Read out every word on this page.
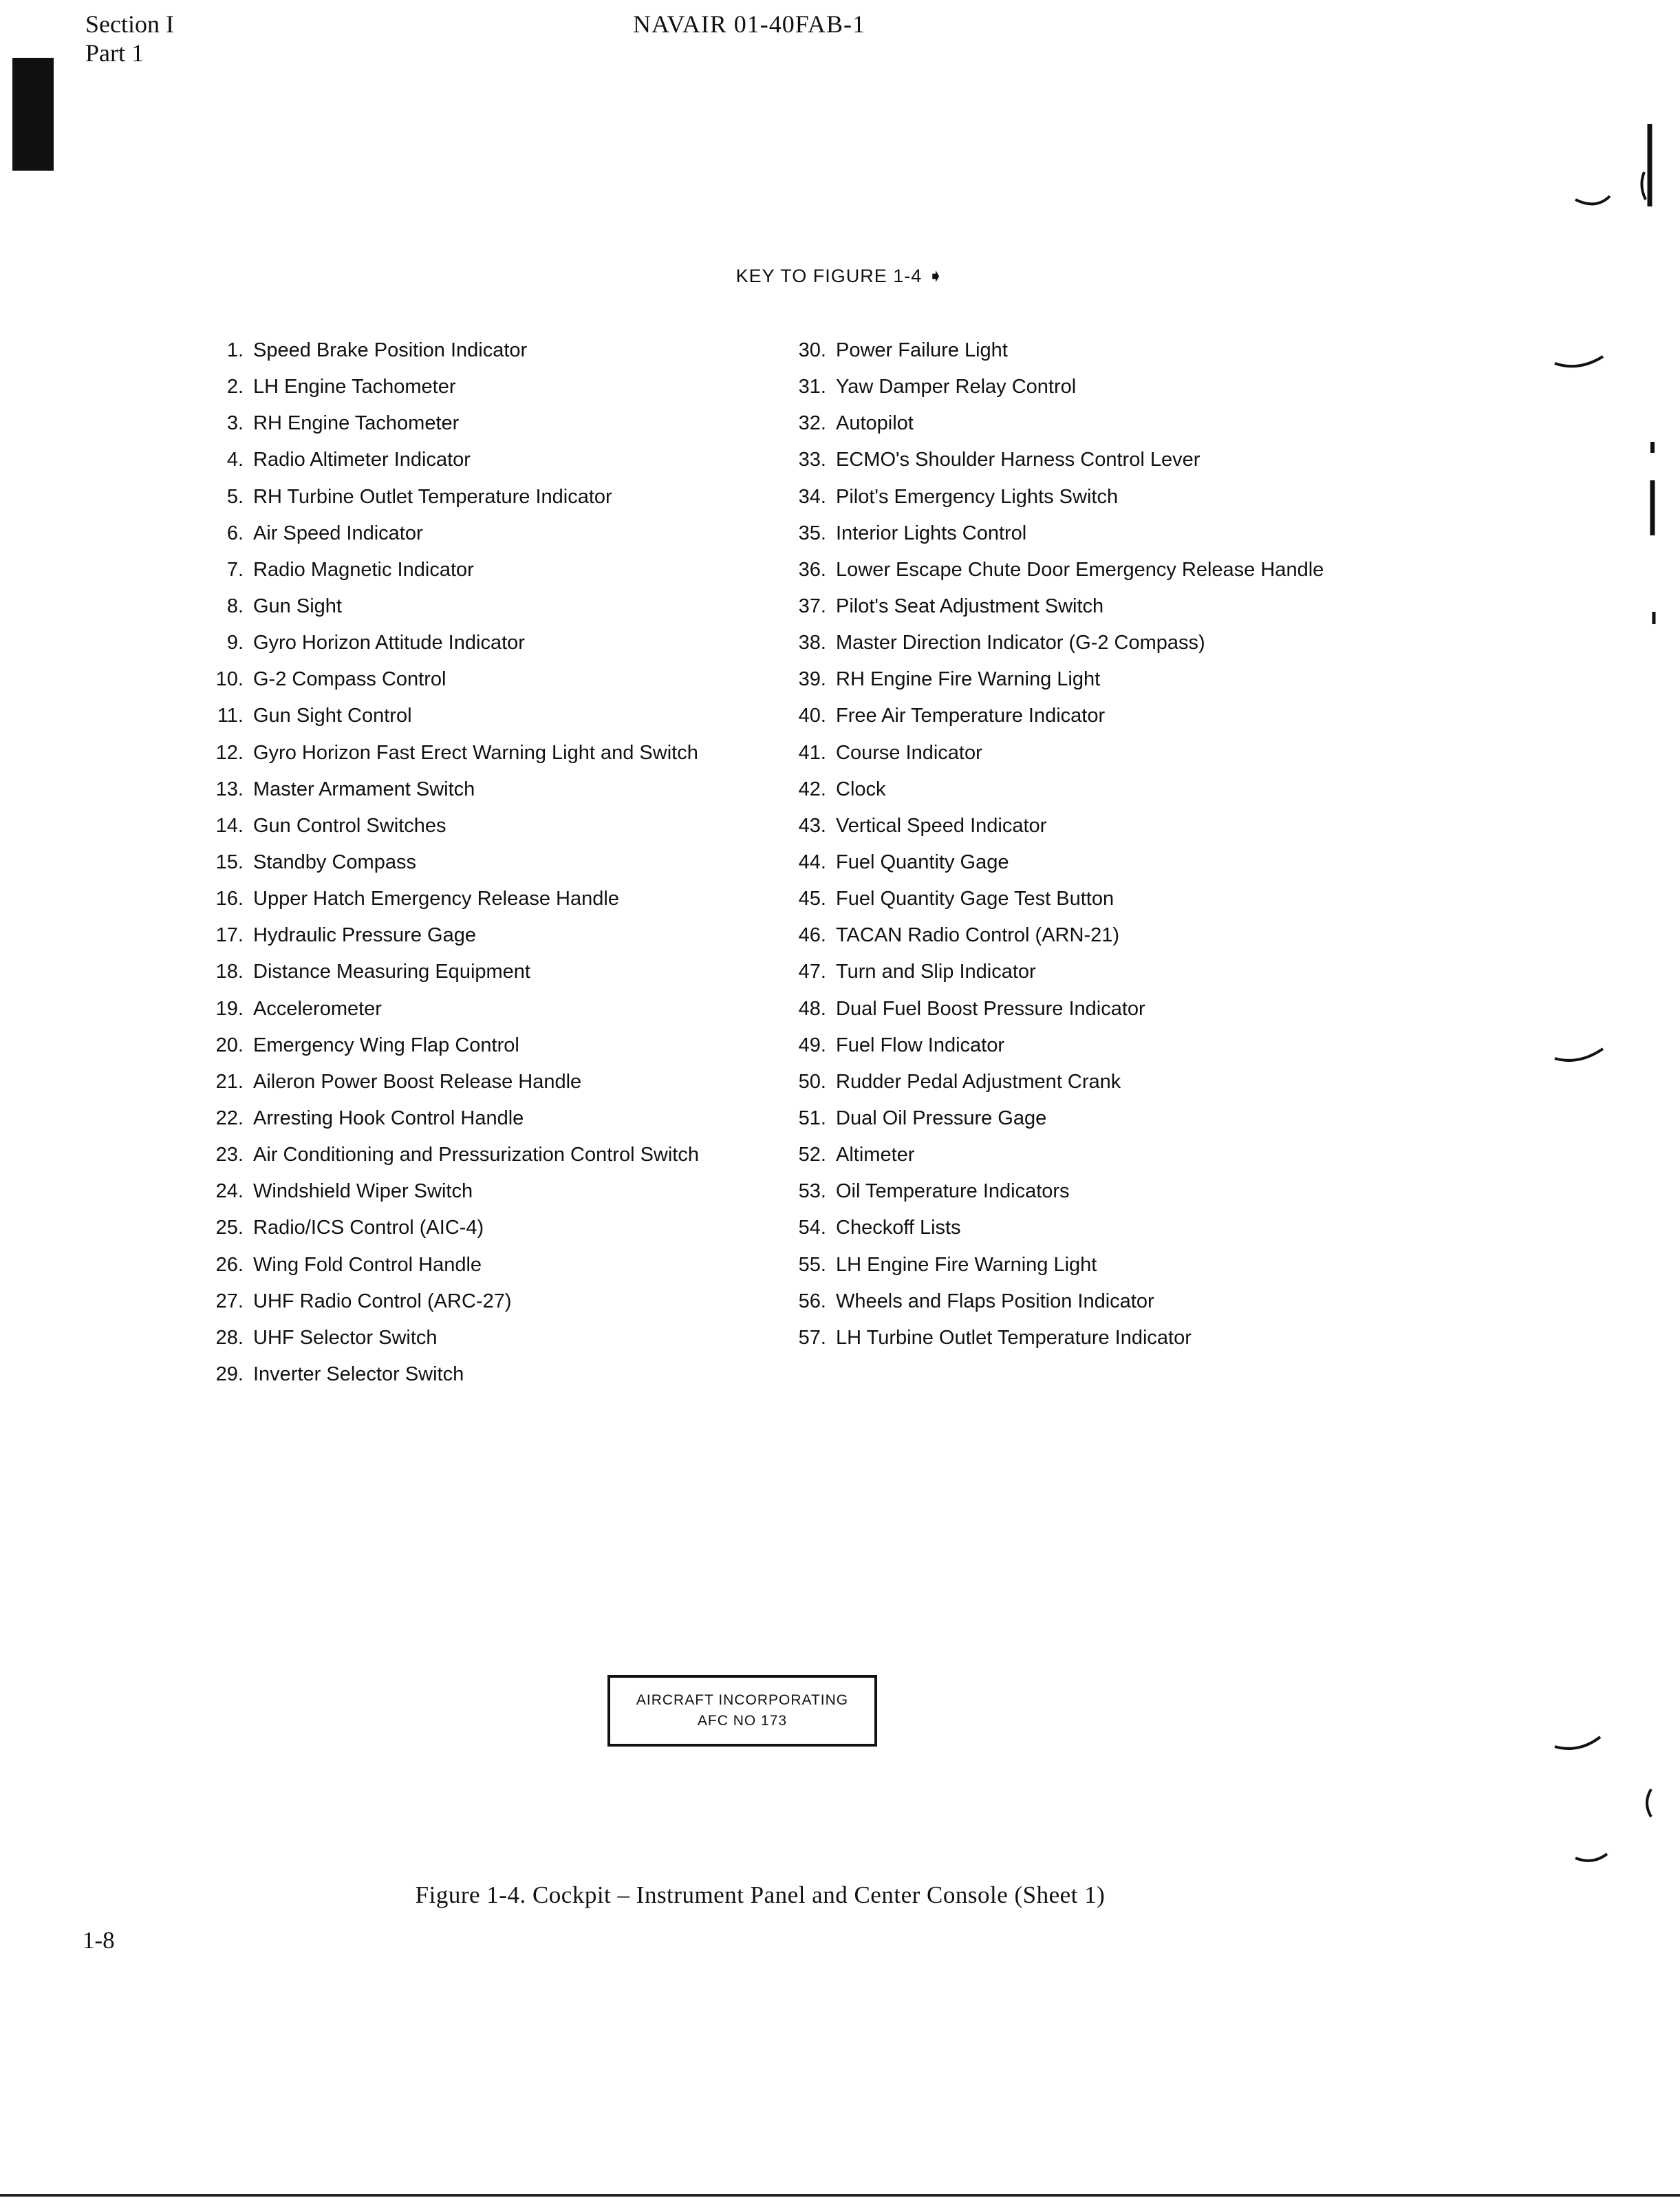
Section I
Part 1
NAVAIR 01-40FAB-1
KEY TO FIGURE 1-4 ➧
1. Speed Brake Position Indicator
2. LH Engine Tachometer
3. RH Engine Tachometer
4. Radio Altimeter Indicator
5. RH Turbine Outlet Temperature Indicator
6. Air Speed Indicator
7. Radio Magnetic Indicator
8. Gun Sight
9. Gyro Horizon Attitude Indicator
10. G-2 Compass Control
11. Gun Sight Control
12. Gyro Horizon Fast Erect Warning Light and Switch
13. Master Armament Switch
14. Gun Control Switches
15. Standby Compass
16. Upper Hatch Emergency Release Handle
17. Hydraulic Pressure Gage
18. Distance Measuring Equipment
19. Accelerometer
20. Emergency Wing Flap Control
21. Aileron Power Boost Release Handle
22. Arresting Hook Control Handle
23. Air Conditioning and Pressurization Control Switch
24. Windshield Wiper Switch
25. Radio/ICS Control (AIC-4)
26. Wing Fold Control Handle
27. UHF Radio Control (ARC-27)
28. UHF Selector Switch
29. Inverter Selector Switch
30. Power Failure Light
31. Yaw Damper Relay Control
32. Autopilot
33. ECMO's Shoulder Harness Control Lever
34. Pilot's Emergency Lights Switch
35. Interior Lights Control
36. Lower Escape Chute Door Emergency Release Handle
37. Pilot's Seat Adjustment Switch
38. Master Direction Indicator (G-2 Compass)
39. RH Engine Fire Warning Light
40. Free Air Temperature Indicator
41. Course Indicator
42. Clock
43. Vertical Speed Indicator
44. Fuel Quantity Gage
45. Fuel Quantity Gage Test Button
46. TACAN Radio Control (ARN-21)
47. Turn and Slip Indicator
48. Dual Fuel Boost Pressure Indicator
49. Fuel Flow Indicator
50. Rudder Pedal Adjustment Crank
51. Dual Oil Pressure Gage
52. Altimeter
53. Oil Temperature Indicators
54. Checkoff Lists
55. LH Engine Fire Warning Light
56. Wheels and Flaps Position Indicator
57. LH Turbine Outlet Temperature Indicator
AIRCRAFT INCORPORATING
AFC NO 173
Figure 1-4. Cockpit – Instrument Panel and Center Console (Sheet 1)
1-8
